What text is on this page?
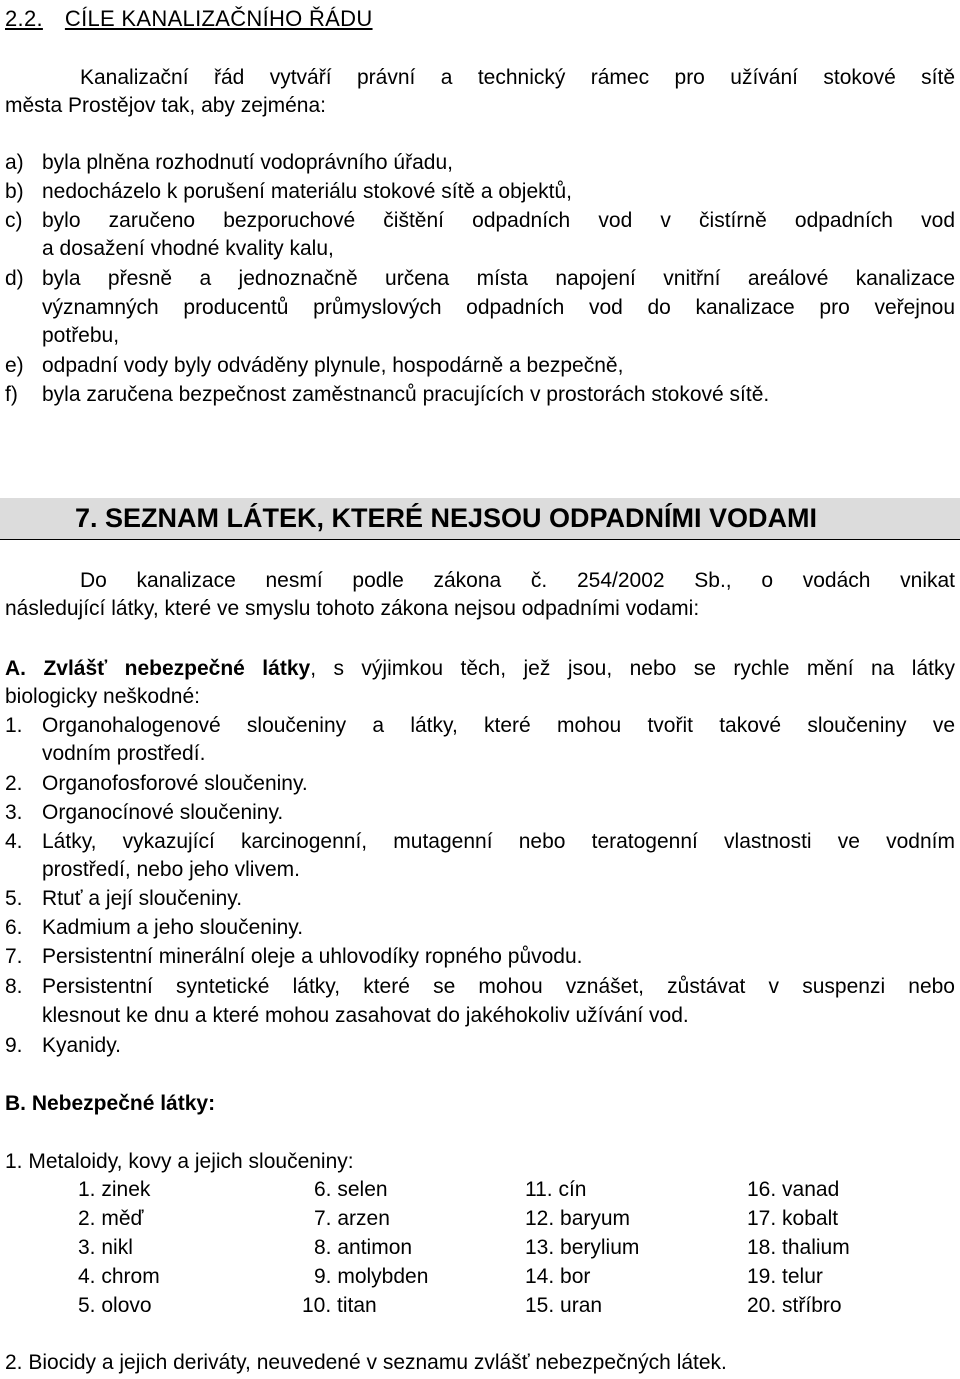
2.2. CÍLE KANALIZAČNÍHO ŘÁDU
Kanalizační řád vytváří právní a technický rámec pro užívání stokové sítě
města Prostějov tak, aby zejména:
a) byla plněna rozhodnutí vodoprávního úřadu,
b) nedocházelo k porušení materiálu stokové sítě a objektů,
c) bylo zaručeno bezporuchové čištění odpadních vod v čistírně odpadních vod
a dosažení vhodné kvality kalu,
d) byla přesně a jednoznačně určena místa napojení vnitřní areálové kanalizace
významných producentů průmyslových odpadních vod do kanalizace pro veřejnou
potřebu,
e) odpadní vody byly odváděny plynule, hospodárně a bezpečně,
f) byla zaručena bezpečnost zaměstnanců pracujících v prostorách stokové sítě.
7. SEZNAM LÁTEK, KTERÉ NEJSOU ODPADNÍMI VODAMI
Do kanalizace nesmí podle zákona č. 254/2002 Sb., o vodách vnikat
následující látky, které ve smyslu tohoto zákona nejsou odpadními vodami:
A. Zvlášť nebezpečné látky, s výjimkou těch, jež jsou, nebo se rychle mění na látky
biologicky neškodné:
1. Organohalogenové sloučeniny a látky, které mohou tvořit takové sloučeniny ve
vodním prostředí.
2. Organofosforové sloučeniny.
3. Organocínové sloučeniny.
4. Látky, vykazující karcinogenní, mutagenní nebo teratogenní vlastnosti ve vodním
prostředí, nebo jeho vlivem.
5. Rtuť a její sloučeniny.
6. Kadmium a jeho sloučeniny.
7. Persistentní minerální oleje a uhlovodíky ropného původu.
8. Persistentní syntetické látky, které se mohou vznášet, zůstávat v suspenzi nebo
klesnout ke dnu a které mohou zasahovat do jakéhokoliv užívání vod.
9. Kyanidy.
B. Nebezpečné látky:
1. Metaloidy, kovy a jejich sloučeniny:
1. zinek
2. měď
3. nikl
4. chrom
5. olovo
6. selen
7. arzen
8. antimon
9. molybden
10. titan
11. cín
12. baryum
13. berylium
14. bor
15. uran
16. vanad
17. kobalt
18. thalium
19. telur
20. stříbro
2. Biocidy a jejich deriváty, neuvedené v seznamu zvlášť nebezpečných látek.
